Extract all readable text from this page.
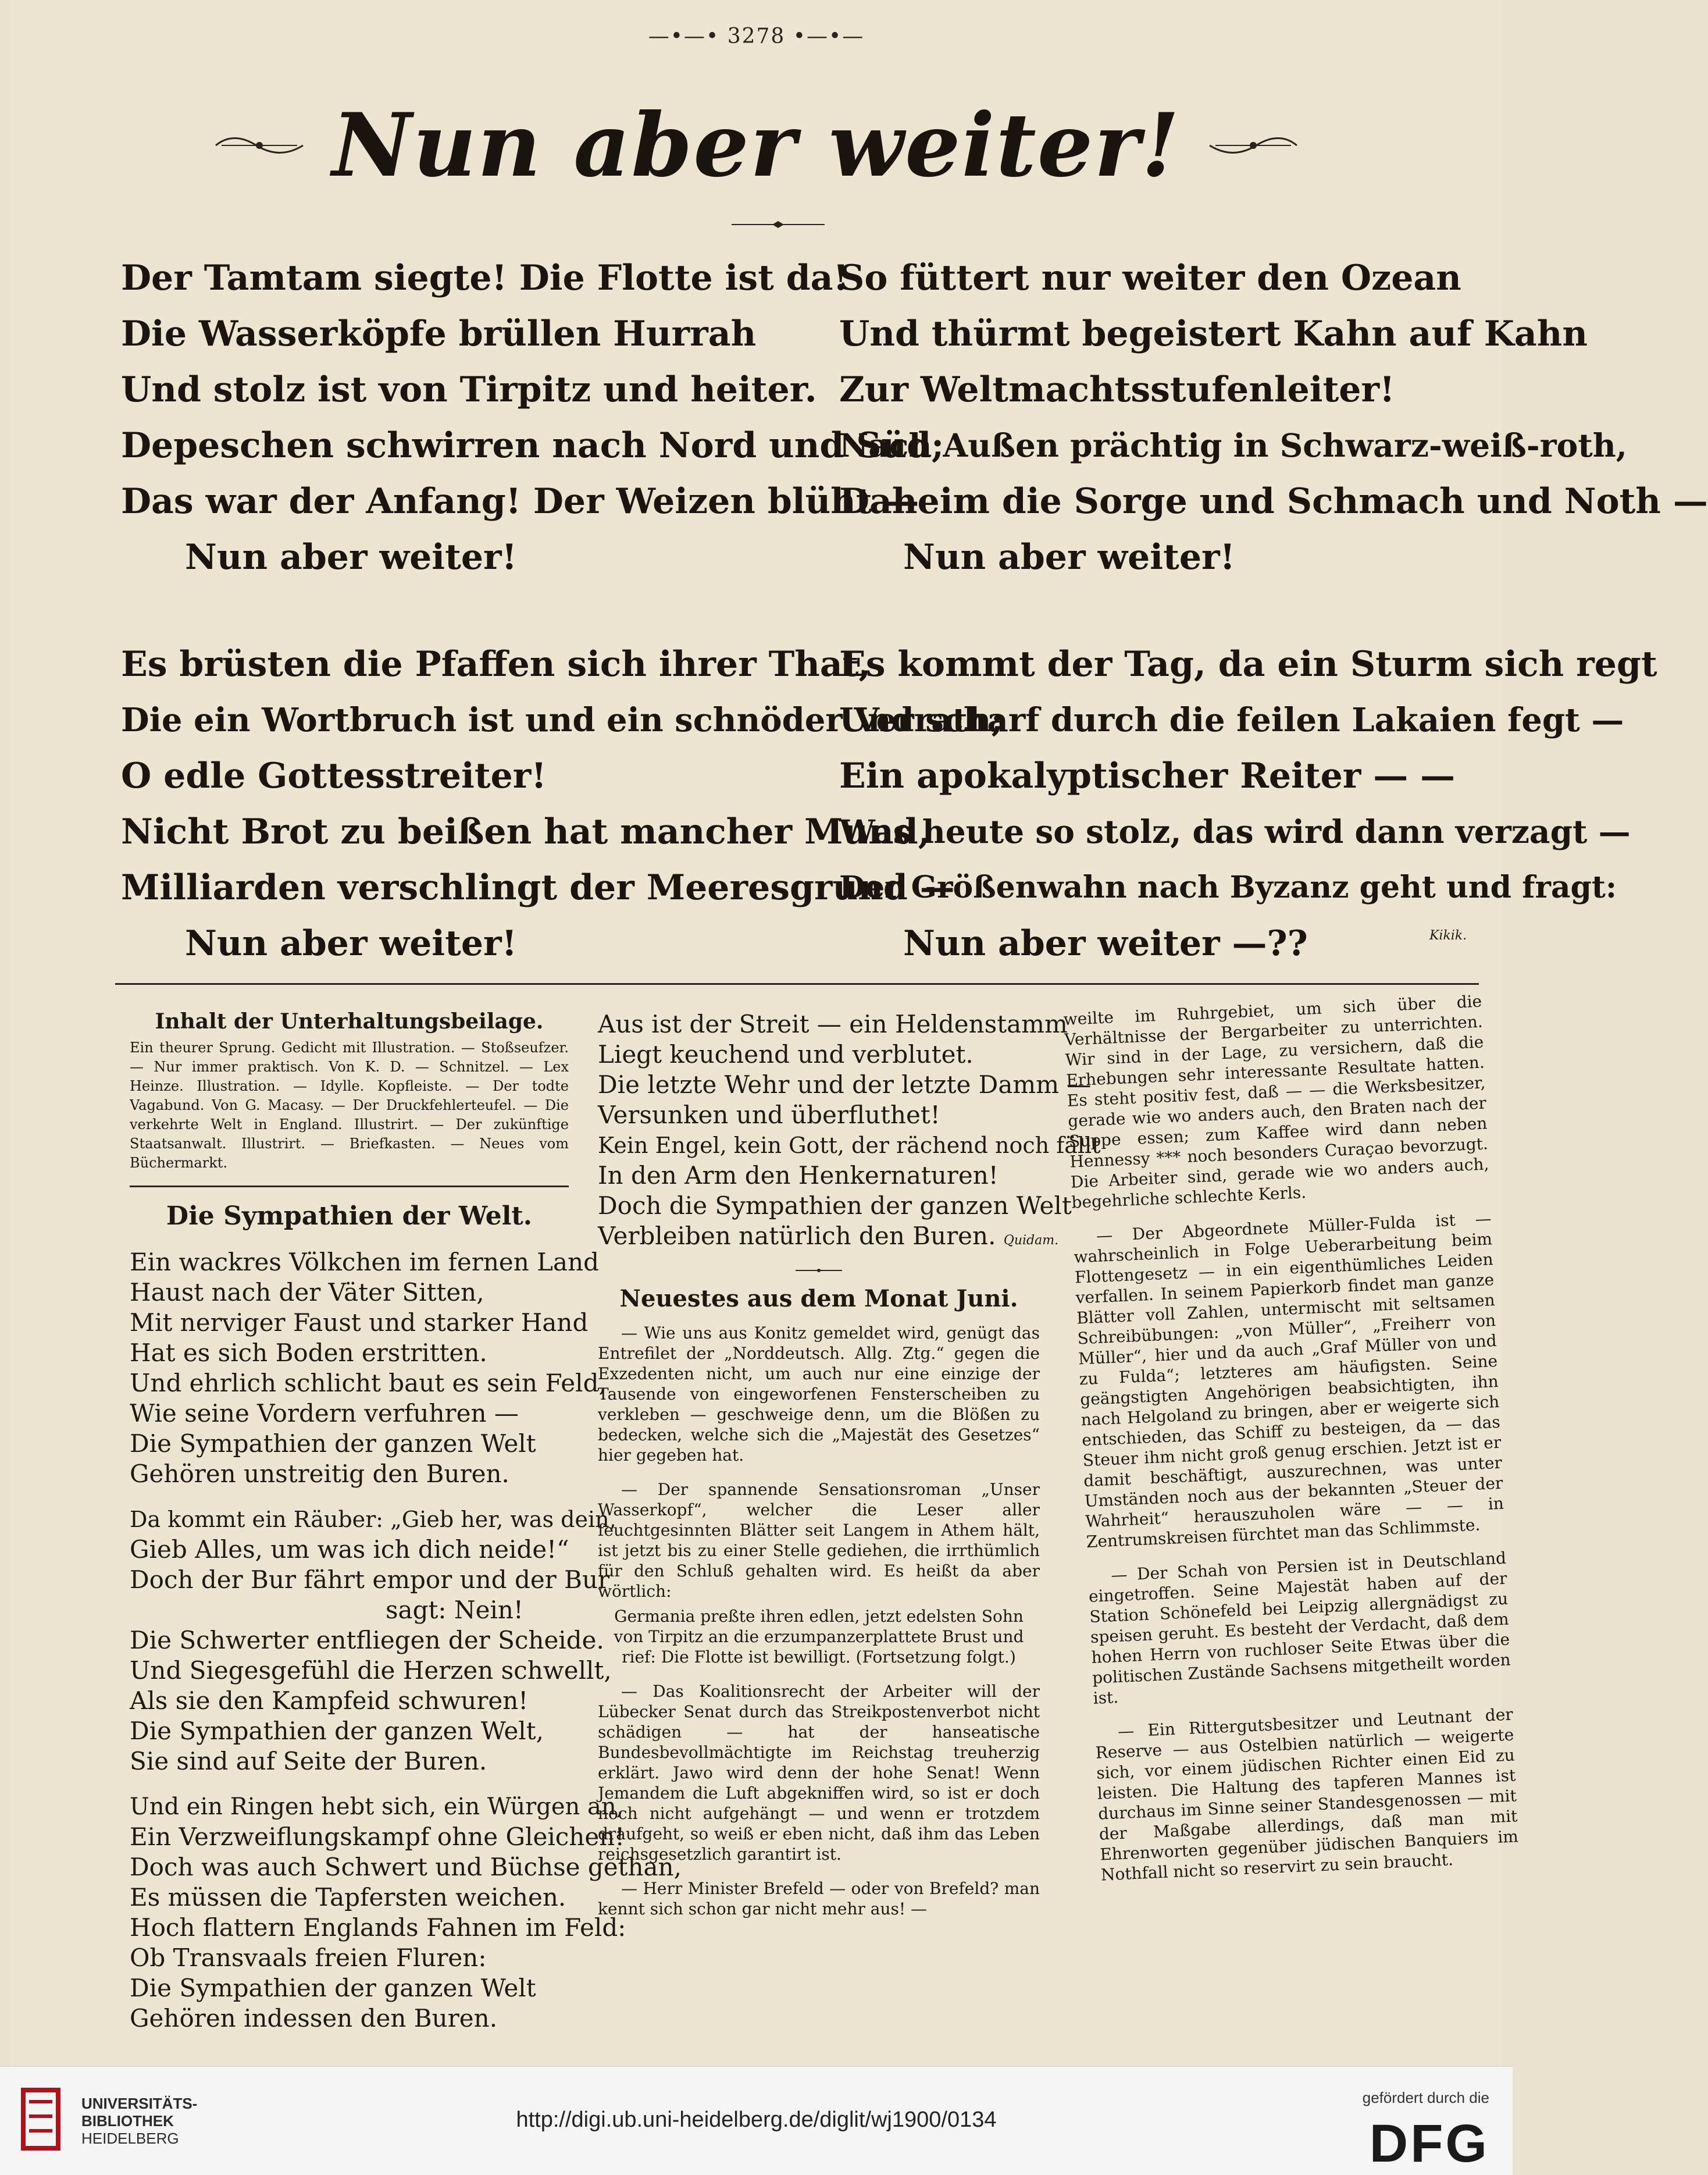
—•—• 3278 •—•—
Nun aber weiter!
Der Tamtam siegte! Die Flotte ist da!
Die Wasserköpfe brüllen Hurrah
Und stolz ist von Tirpitz und heiter.
Depeschen schwirren nach Nord und Süd;
Das war der Anfang! Der Weizen blüht —
Nun aber weiter!
Es brüsten die Pfaffen sich ihrer That,
Die ein Wortbruch ist und ein schnöder Verrath;
O edle Gottesstreiter!
Nicht Brot zu beißen hat mancher Mund,
Milliarden verschlingt der Meeresgrund —
Nun aber weiter!
So füttert nur weiter den Ozean
Und thürmt begeistert Kahn auf Kahn
Zur Weltmachtsstufenleiter!
Nach Außen prächtig in Schwarz-weiß-roth,
Daheim die Sorge und Schmach und Noth —
Nun aber weiter!
Es kommt der Tag, da ein Sturm sich regt
Und scharf durch die feilen Lakaien fegt —
Ein apokalyptischer Reiter — —
Was heute so stolz, das wird dann verzagt —
Der Größenwahn nach Byzanz geht und fragt:
Nun aber weiter —??	Kikik.
Inhalt der Unterhaltungsbeilage.
Ein theurer Sprung. Gedicht mit Illustration. — Stoßseufzer. — Nur immer praktisch. Von K. D. — Schnitzel. — Lex Heinze. Illustration. — Idylle. Kopfleiste. — Der todte Vagabund. Von G. Macasy. — Der Druckfehlerteufel. — Die verkehrte Welt in England. Illustrirt. — Der zukünftige Staatsanwalt. Illustrirt. — Briefkasten. — Neues vom Büchermarkt.
Die Sympathien der Welt.
Ein wackres Völkchen im fernen Land
Haust nach der Väter Sitten,
Mit nerviger Faust und starker Hand
Hat es sich Boden erstritten.
Und ehrlich schlicht baut es sein Feld,
Wie seine Vordern verfuhren —
Die Sympathien der ganzen Welt
Gehören unstreitig den Buren.
Da kommt ein Räuber: „Gieb her, was dein,
Gieb Alles, um was ich dich neide!“
Doch der Bur fährt empor und der Bur
sagt: Nein!
Die Schwerter entfliegen der Scheide.
Und Siegesgefühl die Herzen schwellt,
Als sie den Kampfeid schwuren!
Die Sympathien der ganzen Welt,
Sie sind auf Seite der Buren.
Und ein Ringen hebt sich, ein Würgen an,
Ein Verzweiflungskampf ohne Gleichen!
Doch was auch Schwert und Büchse gethan,
Es müssen die Tapfersten weichen.
Hoch flattern Englands Fahnen im Feld:
Ob Transvaals freien Fluren:
Die Sympathien der ganzen Welt
Gehören indessen den Buren.
Aus ist der Streit — ein Heldenstamm
Liegt keuchend und verblutet.
Die letzte Wehr und der letzte Damm —
Versunken und überfluthet!
Kein Engel, kein Gott, der rächend noch fällt
In den Arm den Henkernaturen!
Doch die Sympathien der ganzen Welt
Verbleiben natürlich den Buren. Quidam.
Neuestes aus dem Monat Juni.

— Wie uns aus Konitz gemeldet wird, genügt das Entrefilet der „Norddeutsch. Allg. Ztg.“ gegen die Exzedenten nicht, um auch nur eine einzige der Tausende von eingeworfenen Fensterscheiben zu verkleben — geschweige denn, um die Blößen zu bedecken, welche sich die „Majestät des Gesetzes“ hier gegeben hat.

— Der spannende Sensationsroman „Unser Wasserkopf“, welcher die Leser aller feuchtgesinnten Blätter seit Langem in Athem hält, ist jetzt bis zu einer Stelle gediehen, die irrthümlich für den Schluß gehalten wird. Es heißt da aber wörtlich:

Germania preßte ihren edlen, jetzt edelsten Sohn von Tirpitz an die erzumpanzerplattete Brust und rief: Die Flotte ist bewilligt. (Fortsetzung folgt.)

— Das Koalitionsrecht der Arbeiter will der Lübecker Senat durch das Streikpostenverbot nicht schädigen — hat der hanseatische Bundesbevollmächtigte im Reichstag treuherzig erklärt. Jawo wird denn der hohe Senat! Wenn Jemandem die Luft abgekniffen wird, so ist er doch noch nicht aufgehängt — und wenn er trotzdem draufgeht, so weiß er eben nicht, daß ihm das Leben reichsgesetzlich garantirt ist.

— Herr Minister Brefeld — oder von Brefeld? man kennt sich schon gar nicht mehr aus! —

weilte im Ruhrgebiet, um sich über die Verhältnisse der Bergarbeiter zu unterrichten. Wir sind in der Lage, zu versichern, daß die Erhebungen sehr interessante Resultate hatten. Es steht positiv fest, daß — — die Werksbesitzer, gerade wie wo anders auch, den Braten nach der Suppe essen; zum Kaffee wird dann neben Hennessy *** noch besonders Curaçao bevorzugt. Die Arbeiter sind, gerade wie wo anders auch, begehrliche schlechte Kerls.

— Der Abgeordnete Müller-Fulda ist — wahrscheinlich in Folge Ueberarbeitung beim Flottengesetz — in ein eigenthümliches Leiden verfallen. In seinem Papierkorb findet man ganze Blätter voll Zahlen, untermischt mit seltsamen Schreibübungen: „von Müller“, „Freiherr von Müller“, hier und da auch „Graf Müller von und zu Fulda“; letzteres am häufigsten. Seine geängstigten Angehörigen beabsichtigten, ihn nach Helgoland zu bringen, aber er weigerte sich entschieden, das Schiff zu besteigen, da — das Steuer ihm nicht groß genug erschien. Jetzt ist er damit beschäftigt, auszurechnen, was unter Umständen noch aus der bekannten „Steuer der Wahrheit“ herauszuholen wäre — — in Zentrumskreisen fürchtet man das Schlimmste.

— Der Schah von Persien ist in Deutschland eingetroffen. Seine Majestät haben auf der Station Schönefeld bei Leipzig allergnädigst zu speisen geruht. Es besteht der Verdacht, daß dem hohen Herrn von ruchloser Seite Etwas über die politischen Zustände Sachsens mitgetheilt worden ist.

— Ein Rittergutsbesitzer und Leutnant der Reserve — aus Ostelbien natürlich — weigerte sich, vor einem jüdischen Richter einen Eid zu leisten. Die Haltung des tapferen Mannes ist durchaus im Sinne seiner Standesgenossen — mit der Maßgabe allerdings, daß man mit Ehrenworten gegenüber jüdischen Banquiers im Nothfall nicht so reservirt zu sein braucht.

UNIVERSITÄTS-
BIBLIOTHEK
HEIDELBERG
http://digi.ub.uni-heidelberg.de/diglit/wj1900/0134
gefördert durch die
DFG
